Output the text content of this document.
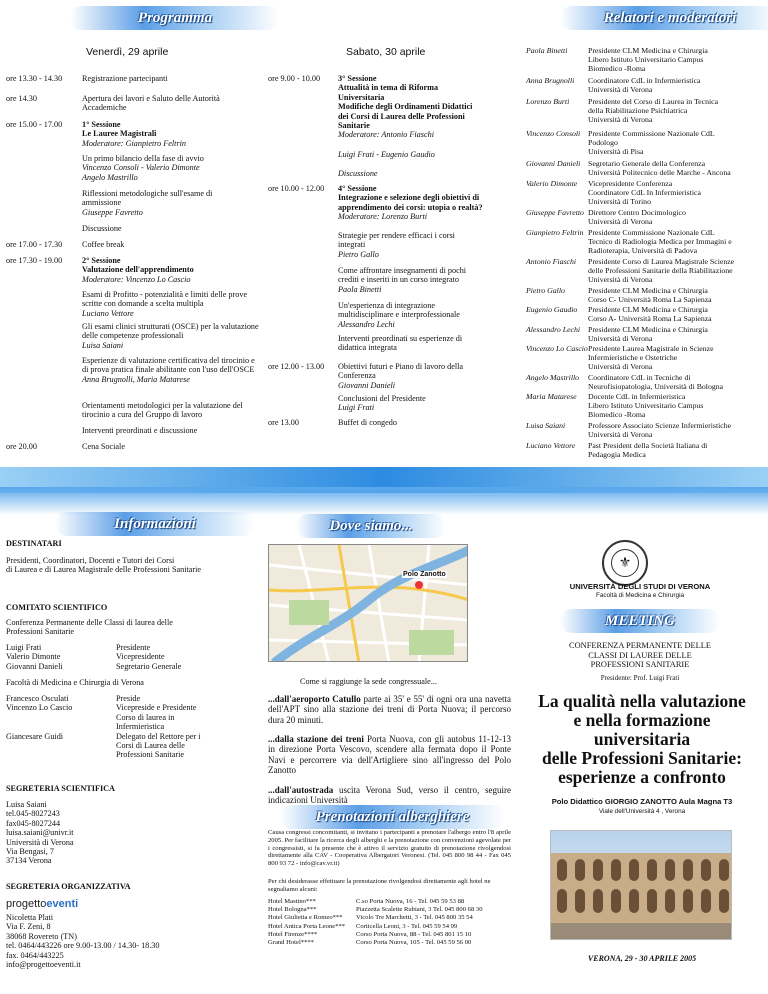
Programma	Relatori e moderatori
Venerdì, 29 aprile	Sabato, 30 aprile
ore 13.30 - 14.30 Registrazione partecipanti
ore 14.30	Apertura dei lavori e Saluto delle Autorità
Accademiche
ore 15.00 - 17.00 1° Sessione
Le Lauree Magistrali
Moderatore: Gianpietro Feltrin
Un primo bilancio della fase di avvio
Vincenzo Consoli - Valerio Dimonte
Angelo Mastrillo
Riflessioni metodologiche sull'esame di ammissione
Giuseppe Favretto
Discussione
ore 17.00 - 17.30 Coffee break
ore 17.30 - 19.00 2° Sessione
Valutazione dell'apprendimento
Moderatore: Vincenzo Lo Cascio
Esami di Profitto - potenzialità e limiti delle prove scritte con domande a scelta multipla
Luciano Vettore
Gli esami clinici strutturati (OSCE) per la valutazione delle competenze professionali
Luisa Saiani
Esperienze di valutazione certificativa del tirocinio e di prova pratica finale abilitante con l'uso dell'OSCE
Anna Brugnolli, Maria Mataresе
Orientamenti metodologici per la valutazione del tirocinio a cura del Gruppo di lavoro
Interventi preordinati e discussione
ore 20.00	Cena Sociale
ore 9.00 - 10.00 3° Sessione
Attualità in tema di Riforma
Universitaria
Modifiche degli Ordinamenti Didattici
dei Corsi di Laurea delle Professioni
Sanitarie
Moderatore: Antonio Fiaschi
Luigi Frati - Eugenio Gaudio
Discussione
ore 10.00 - 12.00 4° Sessione
Integrazione e selezione degli obiettivi di
apprendimento dei corsi: utopia o realtà?
Moderatore: Lorenzo Burti
Strategie per rendere efficaci i corsi
integrati
Pietro Gallo
Come affrontare insegnamenti di pochi
crediti e inseriti in un corso integrato
Paola Binetti
Un'esperienza di integrazione
multidisciplinare e interprofessionale
Alessandro Lechi
Interventi preordinati su esperienze di
didattica integrata
ore 12.00 - 13.00 Obiettivi futuri e Piano di lavoro della
Conferenza
Giovanni Danieli
Conclusioni del Presidente
Luigi Frati
ore 13.00	Buffet di congedo
Paola Binetti	Presidente CLM Medicina e Chirurgia
Libero Istituto Universitario Campus
Biomedico -Roma
Anna Brugnolli	Coordinatore CdL in Infermieristica
Università di Verona
Lorenzo Burti	Presidente del Corso di Laurea in Tecnica
della Riabilitazione Psichiatrica
Università di Verona
Vincenzo Consoli Presidente Commissione Nazionale CdL
Podologo
Università di Pisa
Giovanni Danieli Segretario Generale della Conferenza
Università Politecnico delle Marche - Ancona
Valerio Dimonte	Vicepresidente Conferenza
Coordinatore CdL In Infermieristica
Università di Torino
Giuseppe Favretto Direttore Centro Docimologico
Università di Verona
Gianpietro Feltrin Presidente Commissione Nazionale CdL
Tecnico di Radiologia Medica per Immagini e
Radioterapia, Università di Padova
Antonio Fiaschi	Presidente Corso di Laurea Magistrale Scienze
delle Professioni Sanitarie della Riabilitazione
Università di Verona
Pietro Gallo	Presidente CLM Medicina e Chirurgia
Corso C- Università Roma La Sapienza
Eugenio Gaudio	Presidente CLM Medicina e Chirurgia
Corso A- Università Roma La Sapienza
Alessandro Lechi	Presidente CLM Medicina e Chirurgia
Università di Verona
Vincenzo Lo Cascio Presidente Laurea Magistrale in Scienze
Infermieristiche e Ostetriche
Università di Verona
Angelo Mastrillo	Coordinatore CdL in Tecniche di
Neurofisiopatologia, Università di Bologna
Maria Matarese	Docente CdL in Infermieristica
Libero Istituto Universitario Campus
Biomedico -Roma
Luisa Saiani	Professore Associato Scienze Infermieristiche
Università di Verona
Luciano Vettore	Past President della Società Italiana di
Pedagogia Medica
Informazioni	Dove siamo...
DESTINATARI
Presidenti, Coordinatori, Docenti e Tutori dei Corsi
di Laurea e di Laurea Magistrale delle Professioni Sanitarie
COMITATO SCIENTIFICO
Conferenza Permanente delle Classi di laurea delle
Professioni Sanitarie
Luigi Frati	Presidente
Valerio Dimonte	Vicepresidente
Giovanni Danieli	Segretario Generale
Facoltà di Medicina e Chirurgia di Verona
Francesco Osculati	Preside
Vincenzo Lo Cascio	Vicepreside e Presidente
Corso di laurea in
Infermieristica
Giancesare Guidi	Delegato del Rettore per i
Corsi di Laurea delle
Professioni Sanitarie
SEGRETERIA SCIENTIFICA
Luisa Saiani
tel.045-8027243
fax045-8027244
luisa.saiani@univr.it
Università di Verona
Via Bengasi, 7
37134 Verona
SEGRETERIA ORGANIZZATIVA
progettoeventi
Nicoletta Plati
Via F. Zeni, 8
38068 Rovereto (TN)
tel. 0464/443226 ore 9.00-13.00 / 14.30- 18.30
fax. 0464/443225
info@progettoeventi.it
Polo Zanotto
Come si raggiunge la sede congressuale...
...dall'aeroporto Catullo parte ai 35' e 55' di ogni ora una navetta dell'APT sino alla stazione dei treni di Porta Nuova; il percorso dura 20 minuti.
...dalla stazione dei treni Porta Nuova, con gli autobus 11-12-13 in direzione Porta Vescovo, scendere alla fermata dopo il Ponte Navi e percorrere via dell'Artigliere sino all'ingresso del Polo Zanotto
...dall'autostrada uscita Verona Sud, verso il centro, seguire indicazioni Università
Prenotazioni alberghiere
Causa congressi concomitanti, si invitano i partecipanti a prenotare l'albergo entro l'8 aprile 2005. Per facilitare la ricerca degli alberghi e la prenotazione con convenzioni agevolate per i congressisti, si fa presente che è attivo il servizio gratuito di prenotazione rivolgendosi direttamente alla CAV - Cooperativa Albergatori Veronesi. (Tel. 045 800 98 44 - Fax 045 800 93 72 - info@cav.vr.it)
Per chi desiderasse effettuare la prenotazione rivolgendosi direttamente agli hotel ne segnaliamo alcuni:
Hotel Mastino***	C.so Porta Nuova, 16 - Tel. 045 59 53 88
Hotel Bologna***	Piazzetta Scalette Rubiani, 3 Tel. 045 800 68 30
Hotel Giulietta e Romeo***	Vicolo Tre Marchetti, 3 - Tel. 045 800 35 54
Hotel Antica Porta Leone***	Corticella Leoni, 3 - Tel. 045 59 54 99
Hotel Firenze****	Corso Porta Nuova, 88 - Tel. 045 801 15 10
Grand Hotel****	Corso Porta Nuova, 105 - Tel. 045 59 56 00
⚜
UNIVERSITÀ DEGLI STUDI DI VERONA
Facoltà di Medicina e Chirurgia
MEETING
CONFERENZA PERMANENTE DELLE
CLASSI DI LAUREE DELLE
PROFESSIONI SANITARIE
Presidente: Prof. Luigi Frati
La qualità nella valutazione
e nella formazione
universitaria
delle Professioni Sanitarie:
esperienze a confronto
Polo Didattico GIORGIO ZANOTTO Aula Magna T3
Viale dell'Università 4 , Verona
VERONA, 29 - 30 APRILE 2005
